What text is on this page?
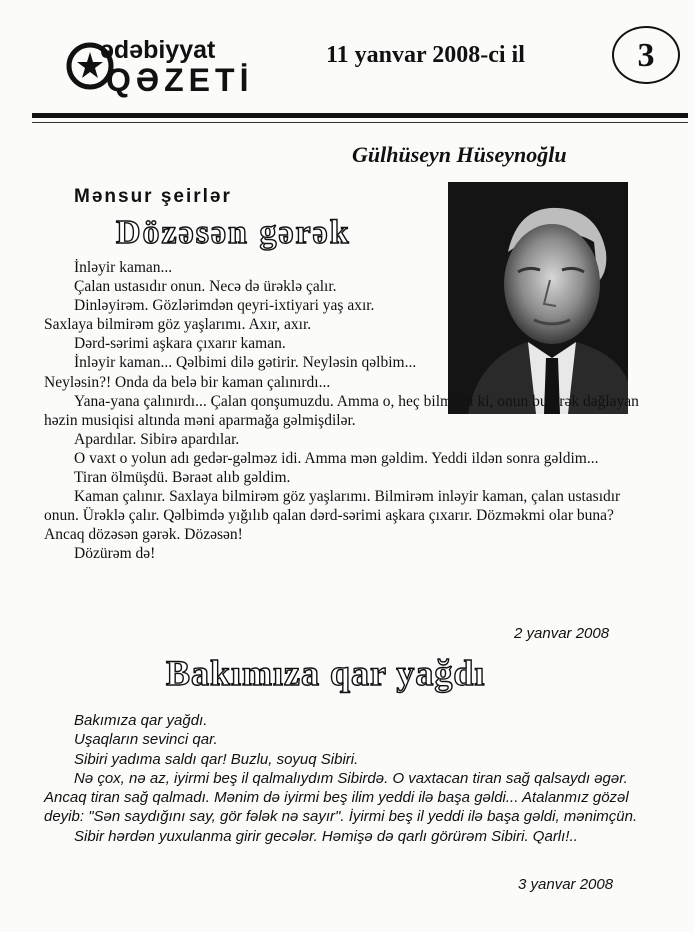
ədəbiyyat
QƏZETİ
11 yanvar 2008-ci il	3
Gülhüseyn Hüseynoğlu
Mənsur şeirlər
Dözəsən gərək

İnləyir kaman...

Çalan ustasıdır onun. Necə də ürəklə çalır.

Dinləyirəm. Gözlərimdən qeyri-ixtiyari yaş axır.

Saxlaya bilmirəm göz yaşlarımı. Axır, axır.

Dərd-sərimi aşkara çıxarır kaman.

İnləyir kaman... Qəlbimi dilə gətirir. Neyləsin qəlbim... Neyləsin?! Onda da belə bir kaman çalınırdı...

Yana-yana çalınırdı... Çalan qonşumuzdu. Amma o, heç bilmirdi ki, onun bu ürək dağlayan həzin musiqisi altında məni aparmağa gəlmişdilər.

Apardılar. Sibirə apardılar.

O vaxt o yolun adı gedər-gəlməz idi. Amma mən gəldim. Yeddi ildən sonra gəldim...

Tiran ölmüşdü. Bəraət alıb gəldim.

Kaman çalınır. Saxlaya bilmirəm göz yaşlarımı. Bilmirəm inləyir kaman, çalan ustasıdır onun. Ürəklə çalır. Qəlbimdə yığılıb qalan dərd-sərimi aşkara çıxarır. Dözməkmi olar buna? Ancaq dözəsən gərək. Dözəsən!

Dözürəm də!

2 yanvar 2008
Bakımıza qar yağdı

Bakımıza qar yağdı.

Uşaqların sevinci qar.

Sibiri yadıma saldı qar! Buzlu, soyuq Sibiri.

Nə çox, nə az, iyirmi beş il qalmalıydım Sibirdə. O vaxtacan tiran sağ qalsaydı əgər. Ancaq tiran sağ qalmadı. Mənim də iyirmi beş ilim yeddi ilə başa gəldi... Atalanmız gözəl deyib: "Sən saydığını say, gör fələk nə sayır". İyirmi beş il yeddi ilə başa gəldi, mənimçün.

Sibir hərdən yuxulanma girir gecələr. Həmişə də qarlı görürəm Sibiri. Qarlı!..

3 yanvar 2008
